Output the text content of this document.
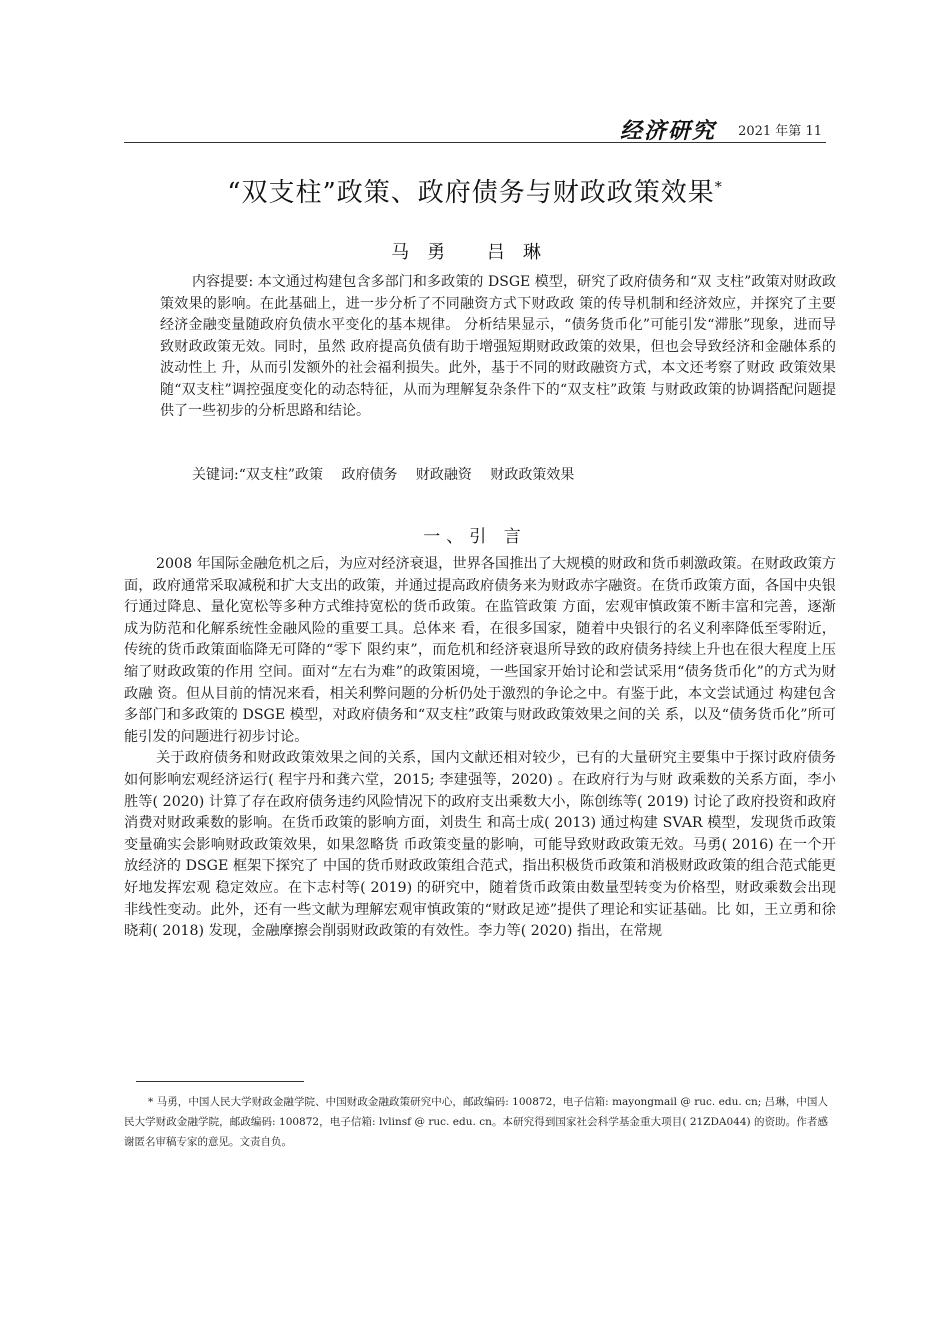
经济研究 2021 年第 11
“双支柱”政策、政府债务与财政政策效果*
马勇 吕琳

内容提要: 本文通过构建包含多部门和多政策的 DSGE 模型，研究了政府债务和“双 支柱”政策对财政政策效果的影响。在此基础上，进一步分析了不同融资方式下财政政 策的传导机制和经济效应，并探究了主要经济金融变量随政府负债水平变化的基本规律。 分析结果显示，“债务货币化”可能引发“滞胀”现象，进而导致财政政策无效。同时，虽然 政府提高负债有助于增强短期财政政策的效果，但也会导致经济和金融体系的波动性上 升，从而引发额外的社会福利损失。此外，基于不同的财政融资方式，本文还考察了财政 政策效果随“双支柱”调控强度变化的动态特征，从而为理解复杂条件下的“双支柱”政策 与财政政策的协调搭配问题提供了一些初步的分析思路和结论。

关键词:“双支柱”政策 政府债务 财政融资 财政政策效果

一、引 言

2008 年国际金融危机之后，为应对经济衰退，世界各国推出了大规模的财政和货币刺激政策。在财政政策方面，政府通常采取减税和扩大支出的政策，并通过提高政府债务来为财政赤字融资。在货币政策方面，各国中央银行通过降息、量化宽松等多种方式维持宽松的货币政策。在监管政策 方面，宏观审慎政策不断丰富和完善，逐渐成为防范和化解系统性金融风险的重要工具。总体来 看，在很多国家，随着中央银行的名义利率降低至零附近，传统的货币政策面临降无可降的“零下 限约束”，而危机和经济衰退所导致的政府债务持续上升也在很大程度上压缩了财政政策的作用 空间。面对“左右为难”的政策困境，一些国家开始讨论和尝试采用“债务货币化”的方式为财政融 资。但从目前的情况来看，相关利弊问题的分析仍处于激烈的争论之中。有鉴于此，本文尝试通过 构建包含多部门和多政策的 DSGE 模型，对政府债务和“双支柱”政策与财政政策效果之间的关 系，以及“债务货币化”所可能引发的问题进行初步讨论。

关于政府债务和财政政策效果之间的关系，国内文献还相对较少，已有的大量研究主要集中于探讨政府债务如何影响宏观经济运行( 程宇丹和龚六堂，2015; 李建强等，2020) 。在政府行为与财 政乘数的关系方面，李小胜等( 2020) 计算了存在政府债务违约风险情况下的政府支出乘数大小，陈创练等( 2019) 讨论了政府投资和政府消费对财政乘数的影响。在货币政策的影响方面，刘贵生 和高士成( 2013) 通过构建 SVAR 模型，发现货币政策变量确实会影响财政政策效果，如果忽略货 币政策变量的影响，可能导致财政政策无效。马勇( 2016) 在一个开放经济的 DSGE 框架下探究了 中国的货币财政政策组合范式，指出积极货币政策和消极财政政策的组合范式能更好地发挥宏观 稳定效应。在卞志村等( 2019) 的研究中，随着货币政策由数量型转变为价格型，财政乘数会出现 非线性变动。此外，还有一些文献为理解宏观审慎政策的“财政足迹”提供了理论和实证基础。比 如，王立勇和徐晓莉( 2018) 发现，金融摩擦会削弱财政政策的有效性。李力等( 2020) 指出，在常规

* 马勇，中国人民大学财政金融学院、中国财政金融政策研究中心，邮政编码: 100872，电子信箱: mayongmail @ ruc. edu. cn; 吕琳，中国人民大学财政金融学院，邮政编码: 100872，电子信箱: lvlinsf @ ruc. edu. cn。本研究得到国家社会科学基金重大项目( 21ZDA044) 的资助。作者感谢匿名审稿专家的意见。文责自负。
